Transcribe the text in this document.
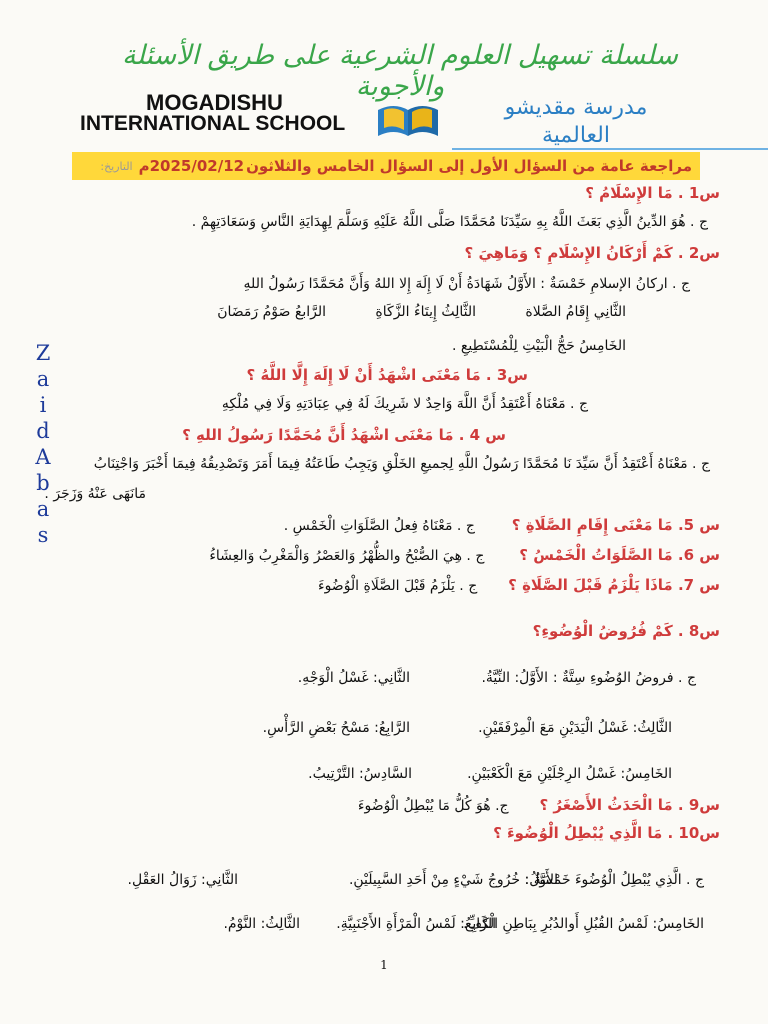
سلسلة تسهيل العلوم الشرعية على طريق الأسئلة والأجوبة
MOGADISHU
INTERNATIONAL SCHOOL
مدرسة مقديشو
العالمية
مراجعة عامة من السؤال الأول إلى السؤال الخامس والثلاثون
2025/02/12م
التاريخ:
Z
a
i
d
A
b
a
s
س1 . مَا الإِسْلَامُ ؟
ج . هُوَ الدِّينُ الَّذِي بَعَثَ اللَّهُ بِهِ سَيِّدَنَا مُحَمَّدًا صَلَّى اللَّهُ عَلَيْهِ وَسَلَّمَ لِهِدَايَةِ النَّاسِ وَسَعَادَتِهِمْ .
س2 . كَمْ أَرْكَانُ الإِسْلَامِ ؟ وَمَاهِيَ ؟
ج . اركانُ الإسلامِ خَمْسَةٌ : الأَوَّلُ شَهَادَةُ أَنْ لَا إِلَهَ إِلا اللهُ وَأَنَّ مُحَمَّدًا رَسُولُ اللهِ
الثَّانِي إِقَامُ الصَّلاة
الثَّالِثُ إِيتَاءُ الزَّكَاةِ
الرَّابعُ صَوْمُ رَمَضَانَ
الخَامِسُ حَجُّ الْبَيْتِ لِلْمُسْتَطِيعِ .
س3 . مَا مَعْنَى اشْهَدُ أَنْ لَا إِلَهَ إِلَّا اللَّهُ ؟
ج . مَعْنَاهُ أَعْتَقِدُ أَنَّ اللَّهَ وَاحِدٌ لا شَرِيكَ لَهُ فِي عِبَادَتِهِ وَلَا فِي مُلْكِهِ
س 4 . مَا مَعْنَى اشْهَدُ أَنَّ مُحَمَّدًا رَسُولُ اللهِ ؟
ج . مَعْنَاهُ أَعْتَقِدُ أَنَّ سَيِّدَ نَا مُحَمَّدًا رَسُولُ اللَّهِ لِجميعِ الخَلْقِ وَيَجِبُ طَاعَتُهُ فِيمَا أَمَرَ وَتَصْدِيقُهُ فِيمَا أَخْبَرَ وَاجْتِنَابُ
مَانَهَى عَنْهُ وَزَجَرَ .
س 5. مَا مَعْنَى إِقَامِ الصَّلَاةِ ؟  ج . مَعْنَاهُ فِعلُ الصَّلَوَاتِ الْخَمْسِ .
س 6. مَا الصَّلَوَاتُ الْخَمْسُ ؟  ج . هِيَ الصُّبْحُ والظُّهْرُ وَالعَصْرُ وَالْمَغْرِبُ وَالعِشَاءُ
س 7. مَاذَا يَلْزَمُ قَبْلَ الصَّلَاةِ ؟  ج . يَلْزَمُ قَبْلَ الصَّلَاةِ الْوُضُوءَ
س8 . كَمْ فُرُوضُ الْوُضُوءِ؟
ج . فروضُ الوُضُوءِ سِتَّةٌ :
الأَوَّلُ: النِّيَّةُ.
الثَّانِي: غَسْلُ الْوَجْهِ.
الثَّالِثُ: غَسْلُ الْيَدَيْنِ مَعَ الْمِرْفَقَيْنِ.
الرَّابِعُ: مَسْحُ بَعْضِ الرَّأْسِ.
الخَامِسُ: غَسْلُ الرِجْلَيْنِ مَعَ الْكَعْبَيْنِ.
السَّادِسُ: التَّرْتِيبُ.
س9 . مَا الْحَدَثُ الأَصْغَرُ ؟  ج. هُوَ كُلُّ مَا يُبْطِلُ الْوُضُوءَ
س10 . مَا الَّذِي يُبْطِلُ الْوُضُوءَ ؟
ج . الَّذِي يُبْطِلُ الْوُضُوءَ خَمْسَةٌ :
الأَوَّلُ: خُرُوجُ شَيْءٍ مِنْ أَحَدِ السَّبِيلَيْنِ.
الثَّانِي: زَوَالُ العَقْلِ.
الخَامِسُ: لَمْسُ القُبُلِ أَوالدُبُرِ بِبَاطِنِ الْكَفِّ.
الرَّابِعُ: لَمْسُ الْمَرْأَةِ الأَجْنَبِيَّةِ.
الثَّالِثُ: النَّوْمُ.
1
